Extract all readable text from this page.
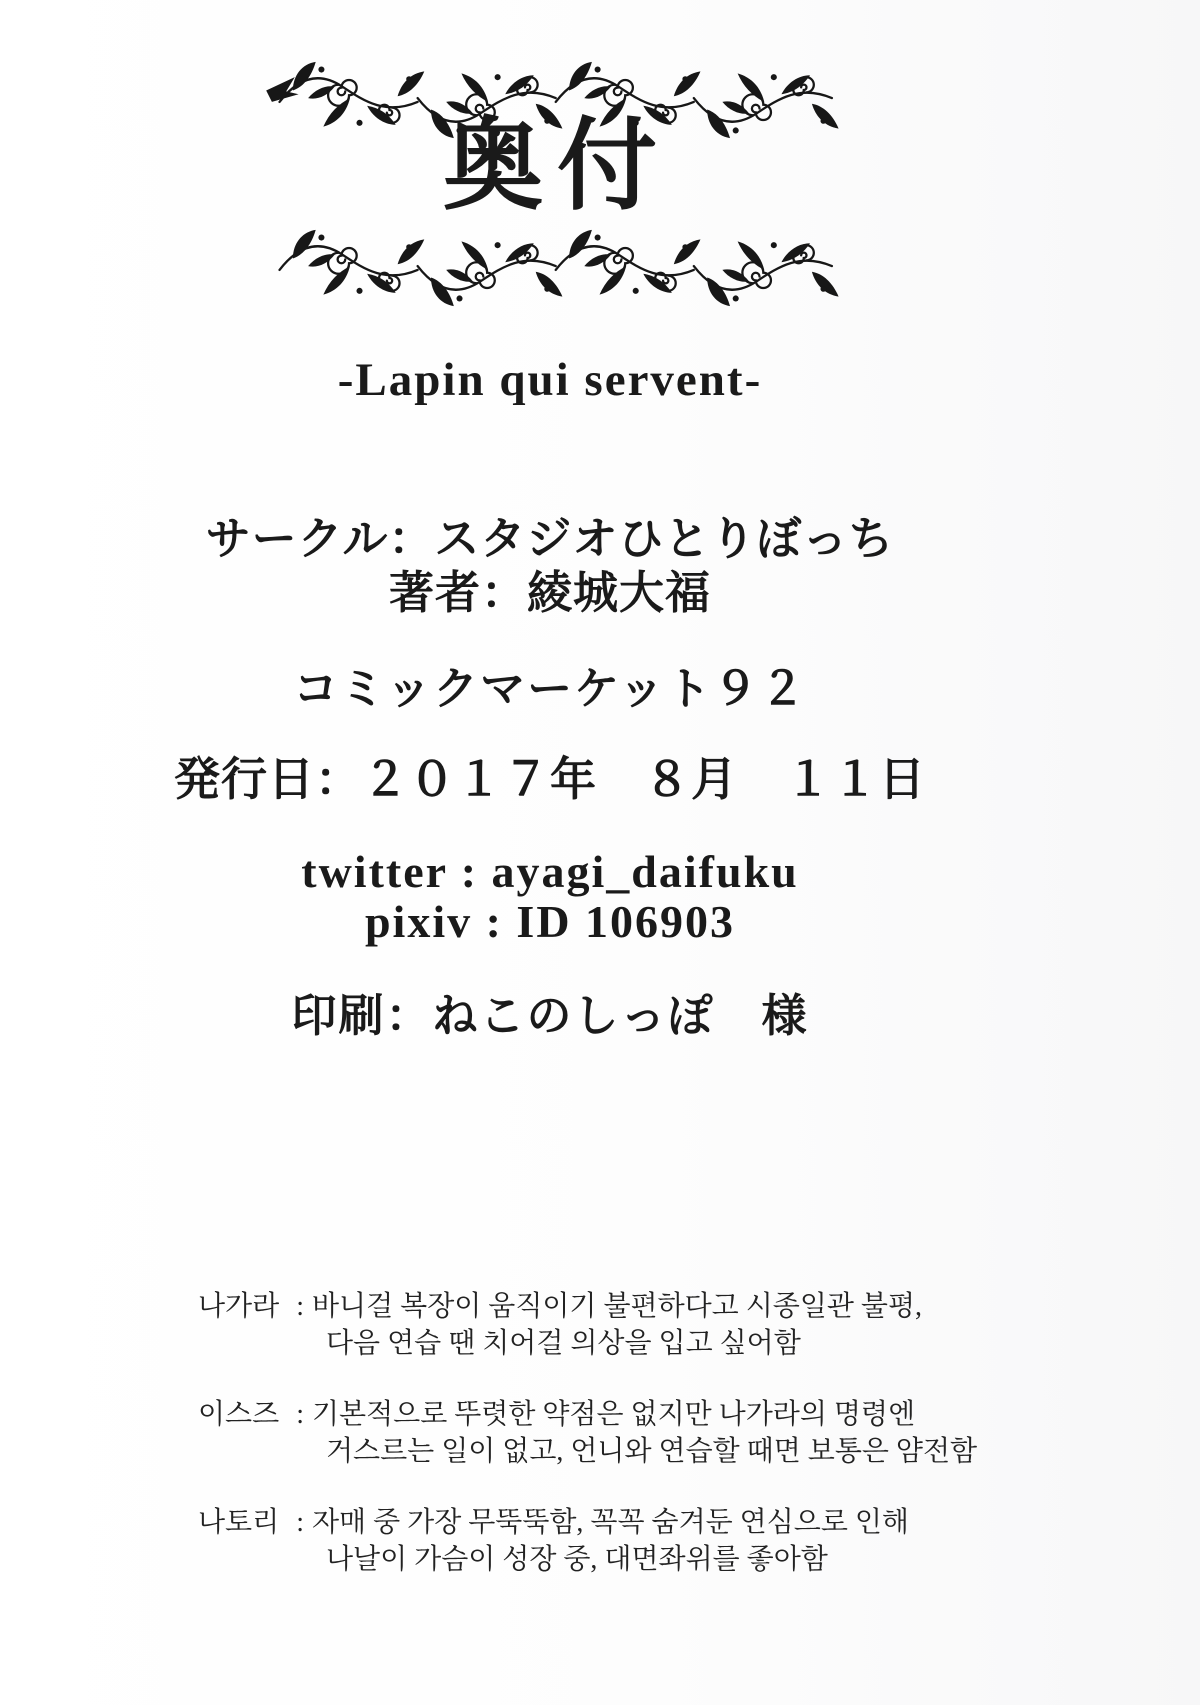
奥付
-Lapin qui servent-
サークル：スタジオひとりぼっち
著者：綾城大福
コミックマーケット９２
発行日：２０１７年　８月　１１日
twitter : ayagi_daifuku
pixiv : ID 106903
印刷：ねこのしっぽ　様
나가라 : 바니걸 복장이 움직이기 불편하다고 시종일관 불평,
다음 연습 땐 치어걸 의상을 입고 싶어함
이스즈 : 기본적으로 뚜렷한 약점은 없지만 나가라의 명령엔
거스르는 일이 없고, 언니와 연습할 때면 보통은 얌전함
나토리 : 자매 중 가장 무뚝뚝함, 꼭꼭 숨겨둔 연심으로 인해
나날이 가슴이 성장 중, 대면좌위를 좋아함
